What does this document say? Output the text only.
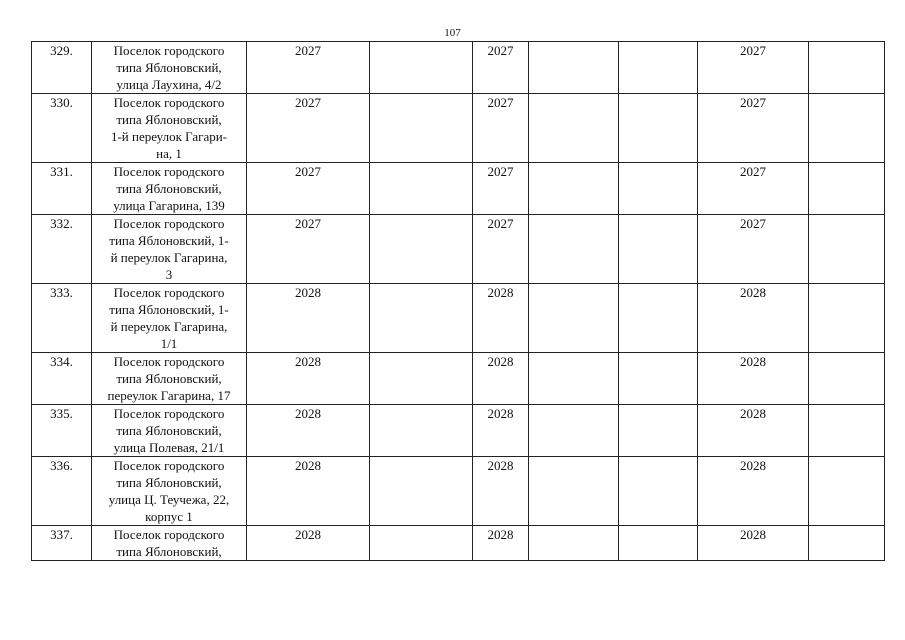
107
329.	Поселок городского
типа Яблоновский,
улица Лаухина, 4/2	2027		2027			2027	

330.	Поселок городского
типа Яблоновский,
1-й переулок Гагари-
на, 1	2027		2027			2027	

331.	Поселок городского
типа Яблоновский,
улица Гагарина, 139	2027		2027			2027	

332.	Поселок городского
типа Яблоновский, 1-
й переулок Гагарина,
3	2027		2027			2027	

333.	Поселок городского
типа Яблоновский, 1-
й переулок Гагарина,
1/1	2028		2028			2028	

334.	Поселок городского
типа Яблоновский,
переулок Гагарина, 17	2028		2028			2028	

335.	Поселок городского
типа Яблоновский,
улица Полевая, 21/1	2028		2028			2028	

336.	Поселок городского
типа Яблоновский,
улица Ц. Теучежа, 22,
корпус 1	2028		2028			2028	

337.	Поселок городского
типа Яблоновский,	2028		2028			2028	
